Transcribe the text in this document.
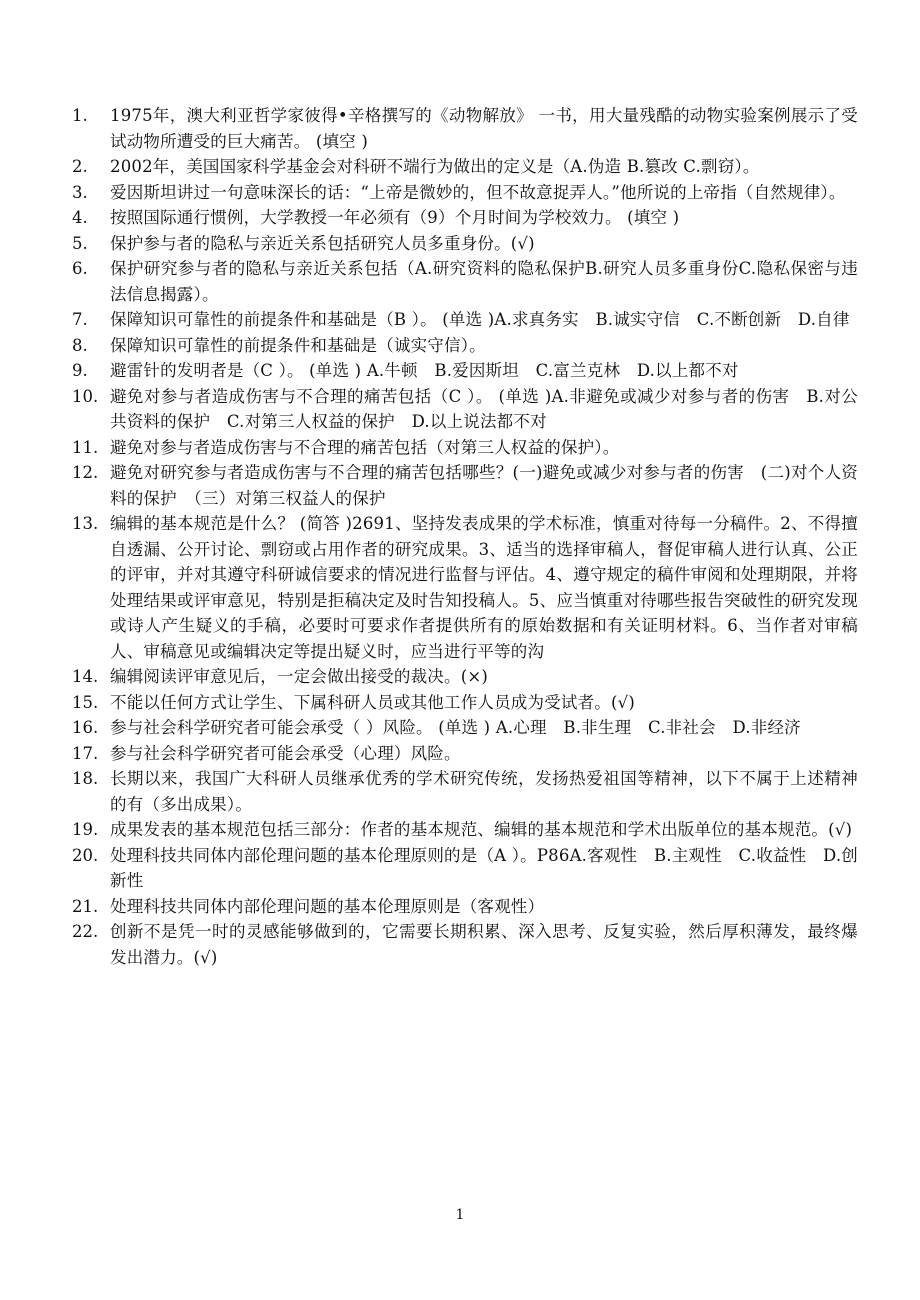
1.	1975年，澳大利亚哲学家彼得•辛格撰写的《动物解放》 一书，用大量残酷的动物实验案例展示了受试动物所遭受的巨大痛苦。 (填空 )
2.	2002年，美国国家科学基金会对科研不端行为做出的定义是（A.伪造 B.篡改 C.剽窃）。
3.	爱因斯坦讲过一句意味深长的话：“上帝是微妙的，但不故意捉弄人。”他所说的上帝指（自然规律）。
4.	按照国际通行惯例，大学教授一年必须有（9）个月时间为学校效力。 (填空 )
5.	保护参与者的隐私与亲近关系包括研究人员多重身份。(√)
6.	保护研究参与者的隐私与亲近关系包括（A.研究资料的隐私保护B.研究人员多重身份C.隐私保密与违法信息揭露）。
7.	保障知识可靠性的前提条件和基础是（B ）。 (单选 )A.求真务实　B.诚实守信　C.不断创新　D.自律
8.	保障知识可靠性的前提条件和基础是（诚实守信）。
9.	避雷针的发明者是（C ）。 (单选 ) A.牛顿　B.爱因斯坦　C.富兰克林　D.以上都不对
10. 避免对参与者造成伤害与不合理的痛苦包括（C ）。 (单选 )A.非避免或减少对参与者的伤害　B.对公共资料的保护　C.对第三人权益的保护　D.以上说法都不对
11. 避免对参与者造成伤害与不合理的痛苦包括（对第三人权益的保护）。
12. 避免对研究参与者造成伤害与不合理的痛苦包括哪些？(一)避免或减少对参与者的伤害　(二)对个人资料的保护　（三）对第三权益人的保护
13. 编辑的基本规范是什么？ (简答 )2691、坚持发表成果的学术标准，慎重对待每一分稿件。2、不得擅自透漏、公开讨论、剽窃或占用作者的研究成果。3、适当的选择审稿人，督促审稿人进行认真、公正的评审，并对其遵守科研诚信要求的情况进行监督与评估。4、遵守规定的稿件审阅和处理期限，并将处理结果或评审意见，特别是拒稿决定及时告知投稿人。5、应当慎重对待哪些报告突破性的研究发现或诗人产生疑义的手稿，必要时可要求作者提供所有的原始数据和有关证明材料。6、当作者对审稿人、审稿意见或编辑决定等提出疑义时，应当进行平等的沟
14. 编辑阅读评审意见后，一定会做出接受的裁决。(×)
15. 不能以任何方式让学生、下属科研人员或其他工作人员成为受试者。(√)
16. 参与社会科学研究者可能会承受（ ）风险。 (单选 ) A.心理　B.非生理　C.非社会　D.非经济
17. 参与社会科学研究者可能会承受（心理）风险。
18. 长期以来，我国广大科研人员继承优秀的学术研究传统，发扬热爱祖国等精神，以下不属于上述精神的有（多出成果）。
19. 成果发表的基本规范包括三部分：作者的基本规范、编辑的基本规范和学术出版单位的基本规范。(√)
20. 处理科技共同体内部伦理问题的基本伦理原则的是（A ）。P86A.客观性　B.主观性　C.收益性　D.创新性
21. 处理科技共同体内部伦理问题的基本伦理原则是（客观性）
22. 创新不是凭一时的灵感能够做到的，它需要长期积累、深入思考、反复实验，然后厚积薄发，最终爆发出潜力。(√)
1
